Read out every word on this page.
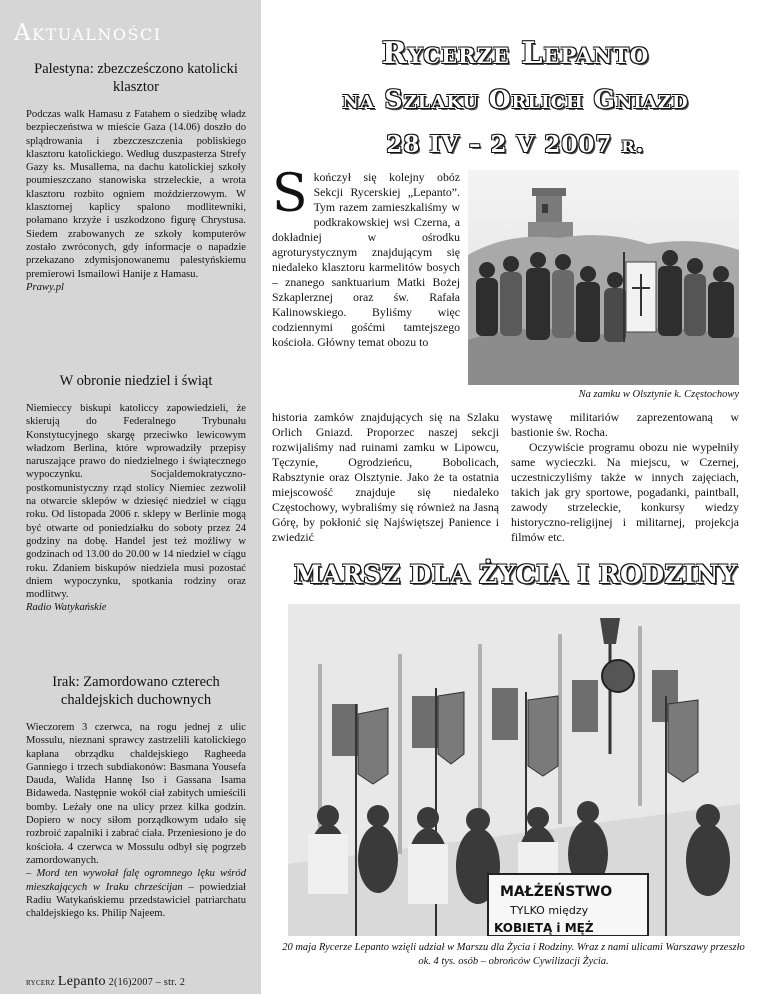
Aktualności
Palestyna: zbezcześczono katolicki klasztor

Podczas walk Hamasu z Fatahem o siedzibę władz bezpieczeństwa w mieście Gaza (14.06) doszło do splądrowania i zbezczeszczenia pobliskiego klasztoru katolickiego. Według duszpasterza Strefy Gazy ks. Musallema, na dachu katolickiej szkoły poumieszczano stanowiska strzeleckie, a wrota klasztoru rozbito ogniem moździerzowym. W klasztornej kaplicy spalono modlitewniki, połamano krzyże i uszkodzono figurę Chrystusa. Siedem zrabowanych ze szkoły komputerów zostało zwróconych, gdy informacje o napadzie przekazano zdymisjonowanemu palestyńskiemu premierowi Ismailowi Hanije z Hamasu.

Prawy.pl

W obronie niedziel i świąt

Niemieccy biskupi katoliccy zapowiedzieli, że skierują do Federalnego Trybunału Konstytucyjnego skargę przeciwko lewicowym władzom Berlina, które wprowadziły przepisy naruszające prawo do niedzielnego i świątecznego wypoczynku. Socjaldemokratyczno-postkomunistyczny rząd stolicy Niemiec zezwolił na otwarcie sklepów w dziesięć niedziel w ciągu roku. Od listopada 2006 r. sklepy w Berlinie mogą być otwarte od poniedziałku do soboty przez 24 godziny na dobę. Handel jest też możliwy w godzinach od 13.00 do 20.00 w 14 niedziel w ciągu roku. Zdaniem biskupów niedziela musi pozostać dniem wypoczynku, spotkania rodziny oraz modlitwy.

Radio Watykańskie

Irak: Zamordowano czterech chaldejskich duchownych

Wieczorem 3 czerwca, na rogu jednej z ulic Mossulu, nieznani sprawcy zastrzelili katolickiego kapłana obrządku chaldejskiego Ragheeda Ganniego i trzech subdiakonów: Basmana Yousefa Dauda, Walida Hannę Iso i Gassana Isama Bidaweda. Następnie wokół ciał zabitych umieścili bomby. Leżały one na ulicy przez kilka godzin. Dopiero w nocy siłom porządkowym udało się rozbroić zapalniki i zabrać ciała. Przeniesiono je do kościoła. 4 czerwca w Mossulu odbył się pogrzeb zamordowanych.
– Mord ten wywołał falę ogromnego lęku wśród mieszkających w Iraku chrześcijan – powiedział Radiu Watykańskiemu przedstawiciel patriarchatu chaldejskiego ks. Philip Najeem.

rycerz Lepanto 2(16)2007 – str. 2
Rycerze Lepanto
na Szlaku Orlich Gniazd
28 IV – 2 V 2007 r.

Skończył się kolejny obóz Sekcji Rycerskiej „Lepanto”. Tym razem zamieszkaliśmy w podkrakowskiej wsi Czerna, a dokładniej w ośrodku agroturystycznym znajdującym się niedaleko klasztoru karmelitów bosych – znanego sanktuarium Matki Bożej Szkaplerznej oraz św. Rafała Kalinowskiego. Byliśmy więc codziennymi gośćmi tamtejszego kościoła. Główny temat obozu to

Na zamku w Olsztynie k. Częstochowy

historia zamków znajdujących się na Szlaku Orlich Gniazd. Proporzec naszej sekcji rozwijaliśmy nad ruinami zamku w Lipowcu, Tęczynie, Ogrodzieńcu, Bobolicach, Rabsztynie oraz Olsztynie. Jako że ta ostatnia miejscowość znajduje się niedaleko Częstochowy, wybraliśmy się również na Jasną Górę, by pokłonić się Najświętszej Panience i zwiedzić

wystawę militariów zaprezentowaną w bastionie św. Rocha.

Oczywiście programu obozu nie wypełniły same wycieczki. Na miejscu, w Czernej, uczestniczyliśmy także w innych zajęciach, takich jak gry sportowe, pogadanki, paintball, zawody strzeleckie, konkursy wiedzy historyczno-religijnej i militarnej, projekcja filmów etc.

MARSZ DLA ŻYCIA I RODZINY
MAŁŻEŃSTWO
TYLKO między
KOBIETĄ i MĘŻ
20 maja Rycerze Lepanto wzięli udział w Marszu dla Życia i Rodziny. Wraz z nami ulicami Warszawy przeszło ok. 4 tys. osób – obrońców Cywilizacji Życia.
